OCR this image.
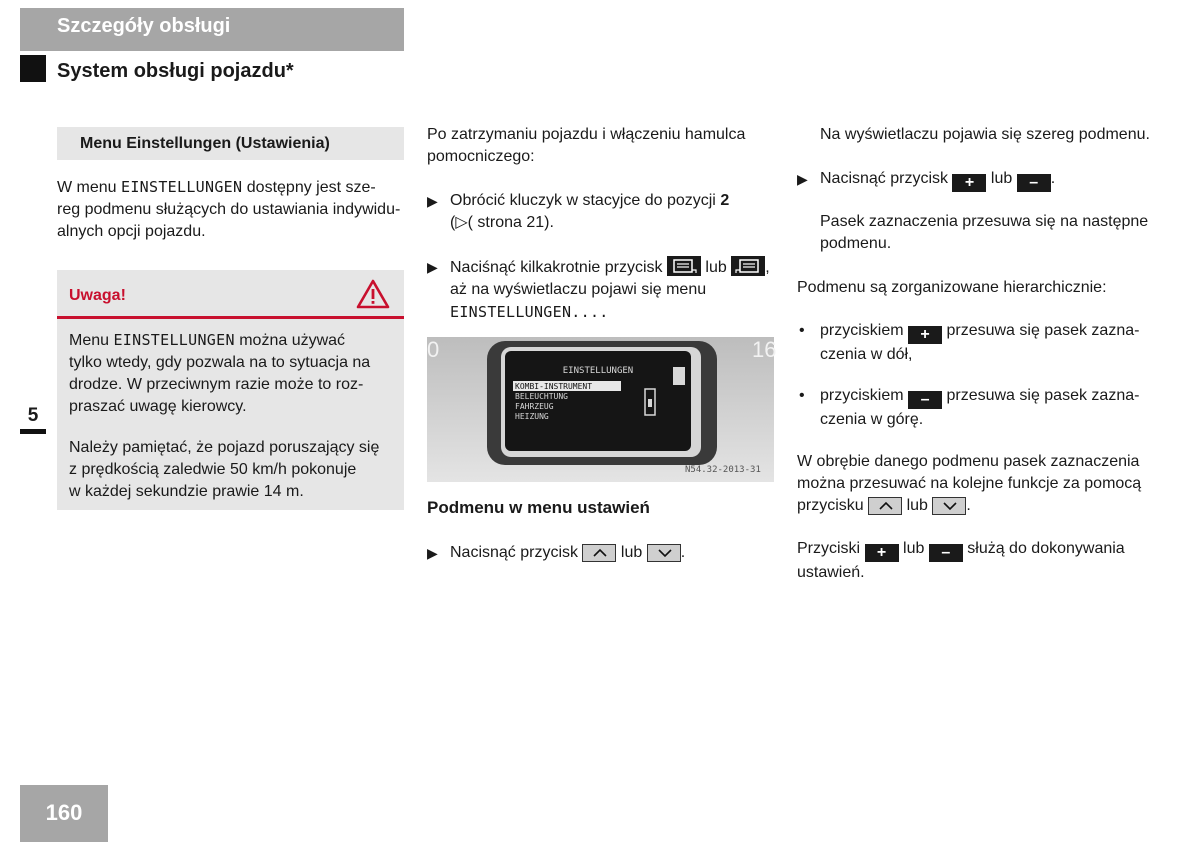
Szczegóły obsługi
System obsługi pojazdu*
Menu Einstellungen (Ustawienia)
W menu EINSTELLUNGEN dostępny jest sze-
reg podmenu służących do ustawiania indywidu-
alnych opcji pojazdu.
Uwaga!
Menu EINSTELLUNGEN można używać
tylko wtedy, gdy pozwala na to sytuacja na
drodze. W przeciwnym razie może to roz-
praszać uwagę kierowcy.
Należy pamiętać, że pojazd poruszający się
z prędkością zaledwie 50 km/h pokonuje
w każdej sekundzie prawie 14 m.
5
160
Po zatrzymaniu pojazdu i włączeniu hamulca
pomocniczego:
▶ Obrócić kluczyk w stacyjce do pozycji 2
(▷( strona 21).
▶ Naciśnąć kilkakrotnie przycisk  lub ,
aż na wyświetlaczu pojawi się menu
EINSTELLUNGEN....
EINSTELLUNGEN
KOMBI-INSTRUMENT
BELEUCHTUNG
FAHRZEUG
HEIZUNG
0	16
N54.32-2013-31
Podmenu w menu ustawień
▶ Nacisnąć przycisk  lub .
Na wyświetlaczu pojawia się szereg podmenu.
▶ Nacisnąć przycisk + lub – .
Pasek zaznaczenia przesuwa się na następne
podmenu.
Podmenu są zorganizowane hierarchicznie:
• przyciskiem + przesuwa się pasek zazna-
czenia w dół,
• przyciskiem – przesuwa się pasek zazna-
czenia w górę.
W obrębie danego podmenu pasek zaznaczenia
można przesuwać na kolejne funkcje za pomocą
przycisku  lub .
Przyciski + lub – służą do dokonywania
ustawień.
